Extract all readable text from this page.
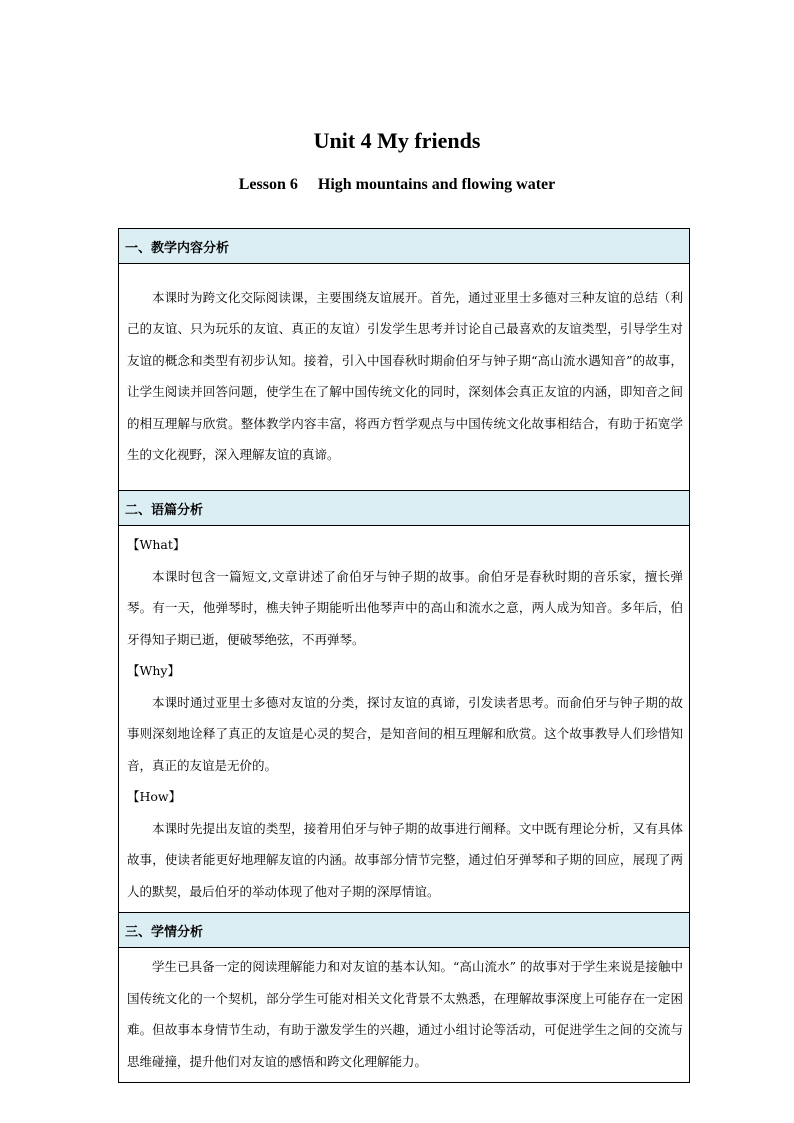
Unit 4 My friends
Lesson 6 High mountains and flowing water
一、教学内容分析

本课时为跨文化交际阅读课，主要围绕友谊展开。首先，通过亚里士多德对三种友谊的总结（利己的友谊、只为玩乐的友谊、真正的友谊）引发学生思考并讨论自己最喜欢的友谊类型，引导学生对友谊的概念和类型有初步认知。接着，引入中国春秋时期俞伯牙与钟子期“高山流水遇知音”的故事，让学生阅读并回答问题，使学生在了解中国传统文化的同时，深刻体会真正友谊的内涵，即知音之间的相互理解与欣赏。整体教学内容丰富，将西方哲学观点与中国传统文化故事相结合，有助于拓宽学生的文化视野，深入理解友谊的真谛。

二、语篇分析

【What】

本课时包含一篇短文,文章讲述了俞伯牙与钟子期的故事。俞伯牙是春秋时期的音乐家，擅长弹琴。有一天，他弹琴时，樵夫钟子期能听出他琴声中的高山和流水之意，两人成为知音。多年后，伯牙得知子期已逝，便破琴绝弦，不再弹琴。

【Why】

本课时通过亚里士多德对友谊的分类，探讨友谊的真谛，引发读者思考。而俞伯牙与钟子期的故事则深刻地诠释了真正的友谊是心灵的契合，是知音间的相互理解和欣赏。这个故事教导人们珍惜知音，真正的友谊是无价的。

【How】

本课时先提出友谊的类型，接着用伯牙与钟子期的故事进行阐释。文中既有理论分析，又有具体故事，使读者能更好地理解友谊的内涵。故事部分情节完整，通过伯牙弹琴和子期的回应，展现了两人的默契，最后伯牙的举动体现了他对子期的深厚情谊。

三、学情分析

学生已具备一定的阅读理解能力和对友谊的基本认知。“高山流水” 的故事对于学生来说是接触中国传统文化的一个契机，部分学生可能对相关文化背景不太熟悉，在理解故事深度上可能存在一定困难。但故事本身情节生动，有助于激发学生的兴趣，通过小组讨论等活动，可促进学生之间的交流与思维碰撞，提升他们对友谊的感悟和跨文化理解能力。
